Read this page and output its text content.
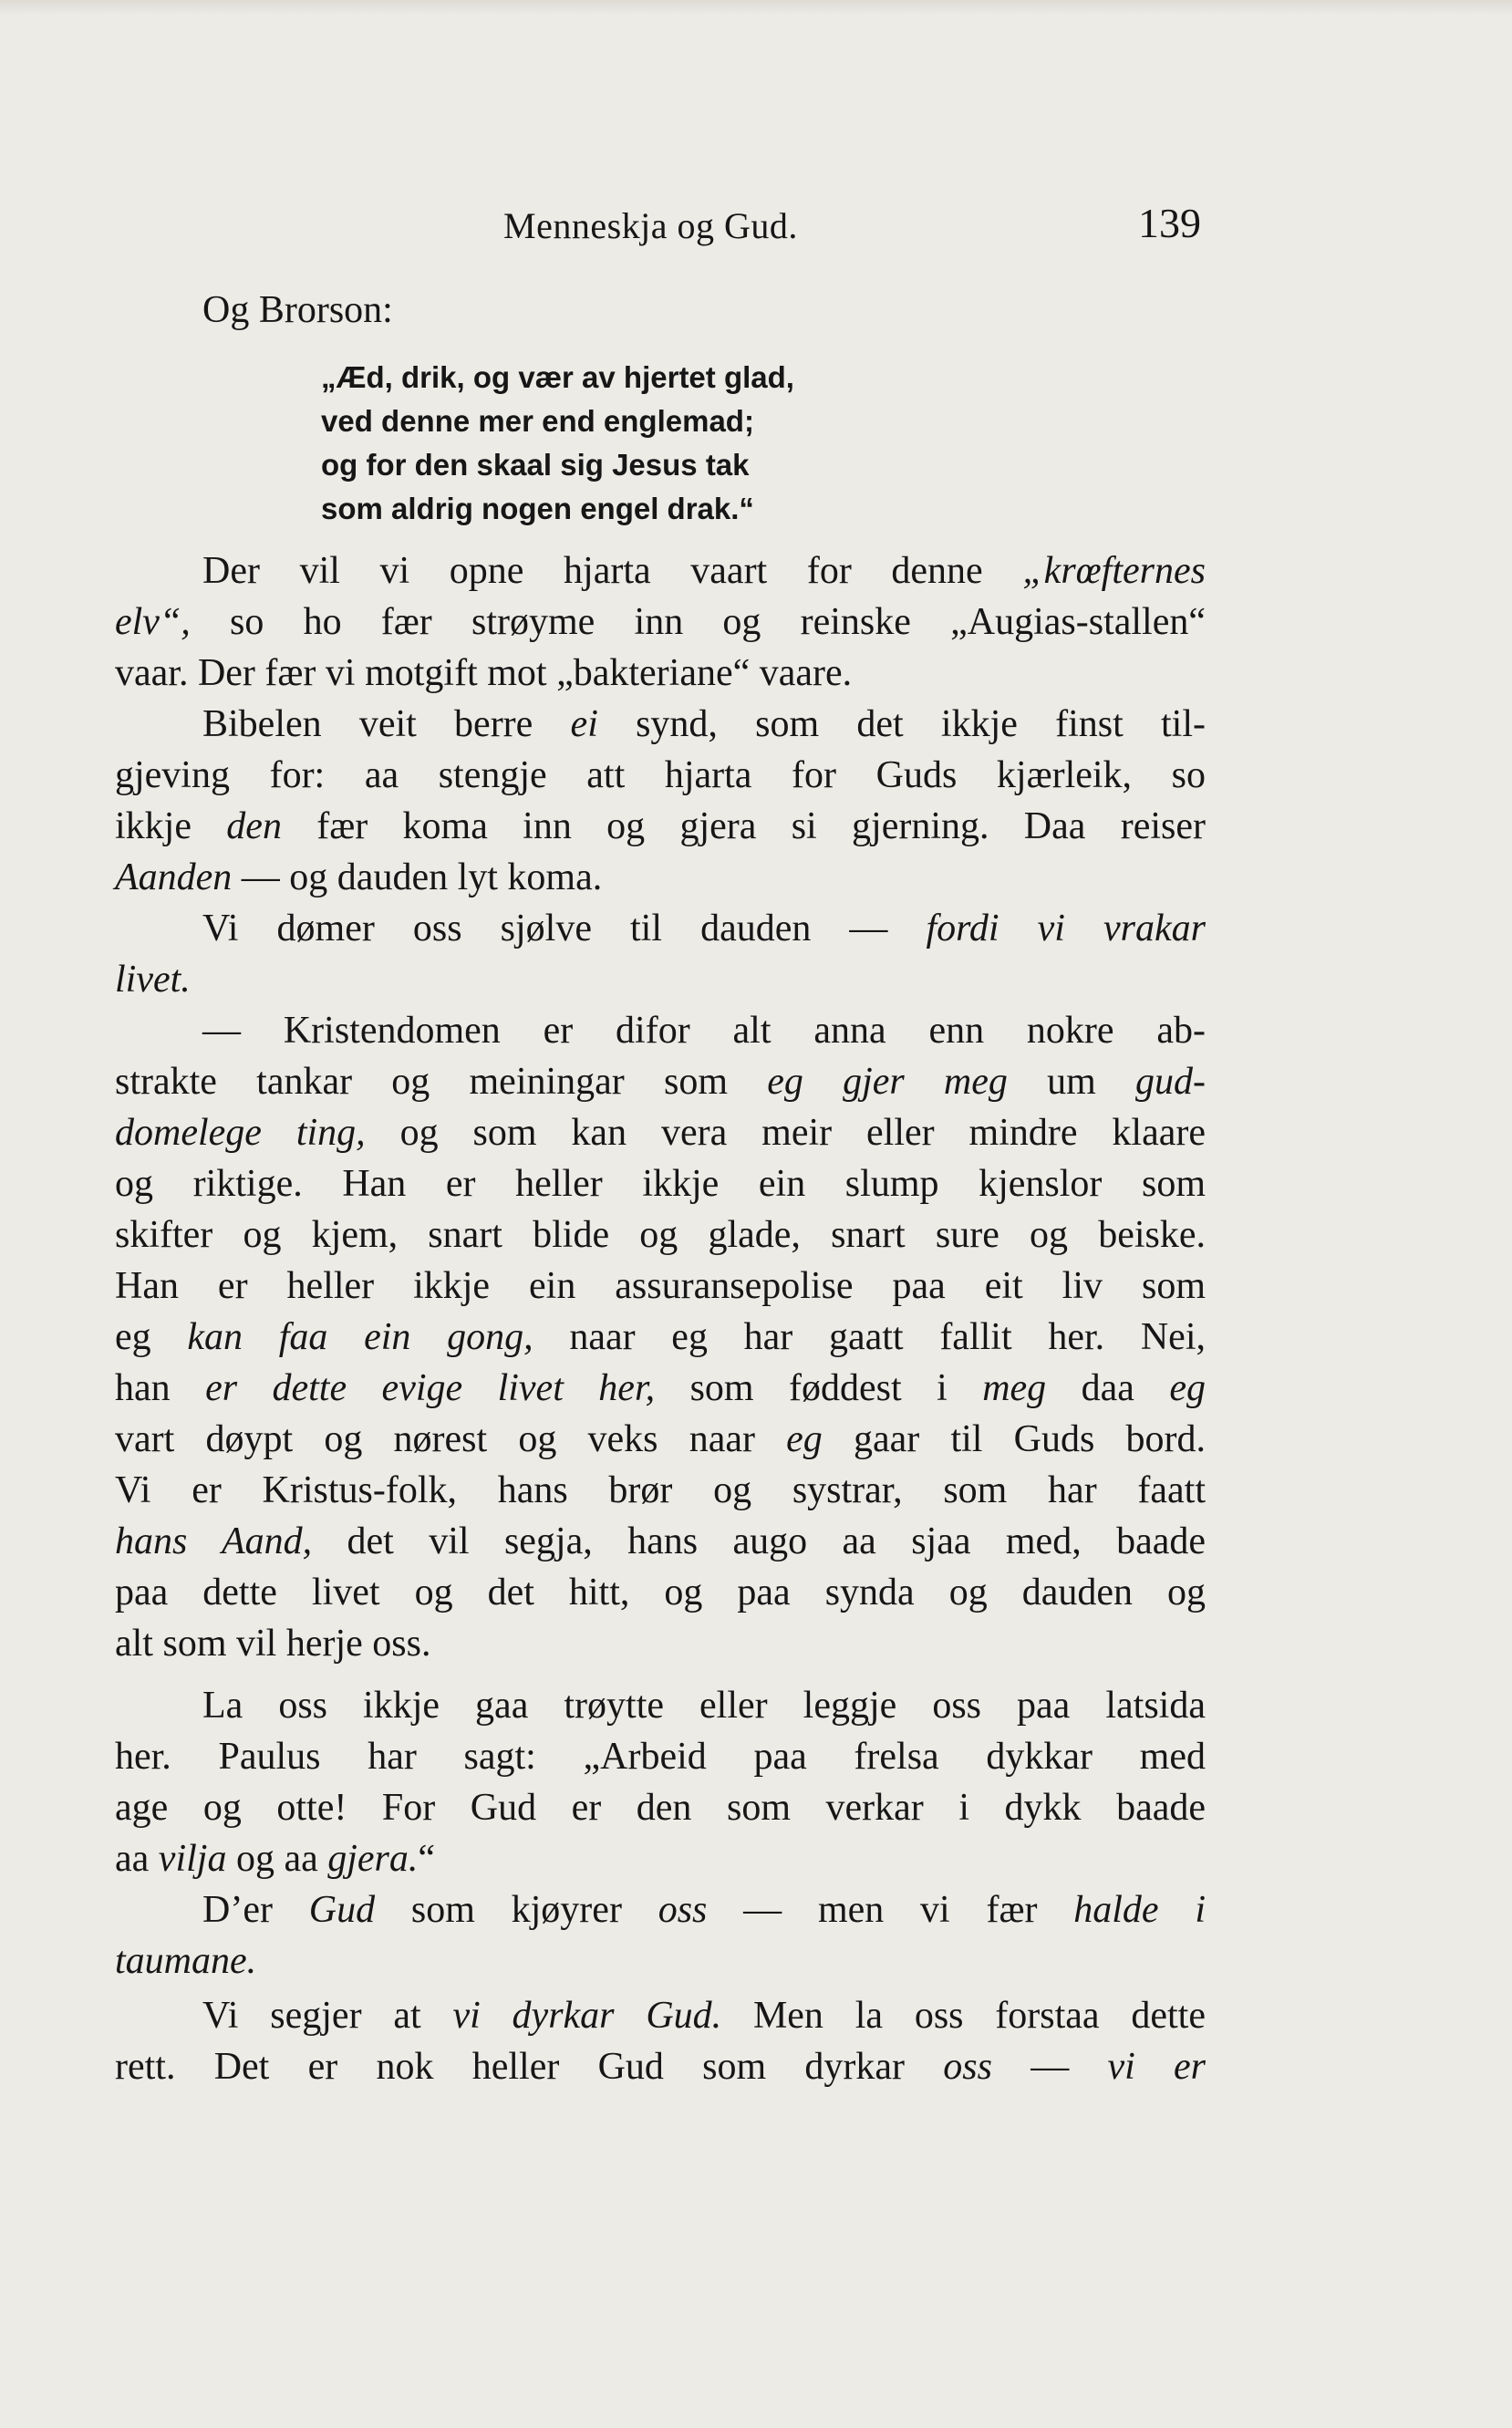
Menneskja og Gud.	139
Og Brorson:
„Æd, drik, og vær av hjertet glad,
ved denne mer end englemad;
og for den skaal sig Jesus tak
som aldrig nogen engel drak.“
Der vil vi opne hjarta vaart for denne „krœfternes
elv“, so ho fær strøyme inn og reinske „Augias-stallen“
vaar. Der fær vi motgift mot „bakteriane“ vaare.
Bibelen veit berre ei synd, som det ikkje finst til-
gjeving for: aa stengje att hjarta for Guds kjærleik, so
ikkje den fær koma inn og gjera si gjerning. Daa reiser
Aanden — og dauden lyt koma.
Vi dømer oss sjølve til dauden — fordi vi vrakar
livet.
— Kristendomen er difor alt anna enn nokre ab-
strakte tankar og meiningar som eg gjer meg um gud-
domelege ting, og som kan vera meir eller mindre klaare
og riktige. Han er heller ikkje ein slump kjenslor som
skifter og kjem, snart blide og glade, snart sure og beiske.
Han er heller ikkje ein assuransepolise paa eit liv som
eg kan faa ein gong, naar eg har gaatt fallit her. Nei,
han er dette evige livet her, som føddest i meg daa eg
vart døypt og nørest og veks naar eg gaar til Guds bord.
Vi er Kristus-folk, hans brør og systrar, som har faatt
hans Aand, det vil segja, hans augo aa sjaa med, baade
paa dette livet og det hitt, og paa synda og dauden og
alt som vil herje oss.
La oss ikkje gaa trøytte eller leggje oss paa latsida
her. Paulus har sagt: „Arbeid paa frelsa dykkar med
age og otte! For Gud er den som verkar i dykk baade
aa vilja og aa gjera.“
D’er Gud som kjøyrer oss — men vi fær halde i
taumane.
Vi segjer at vi dyrkar Gud. Men la oss forstaa dette
rett. Det er nok heller Gud som dyrkar oss — vi er
